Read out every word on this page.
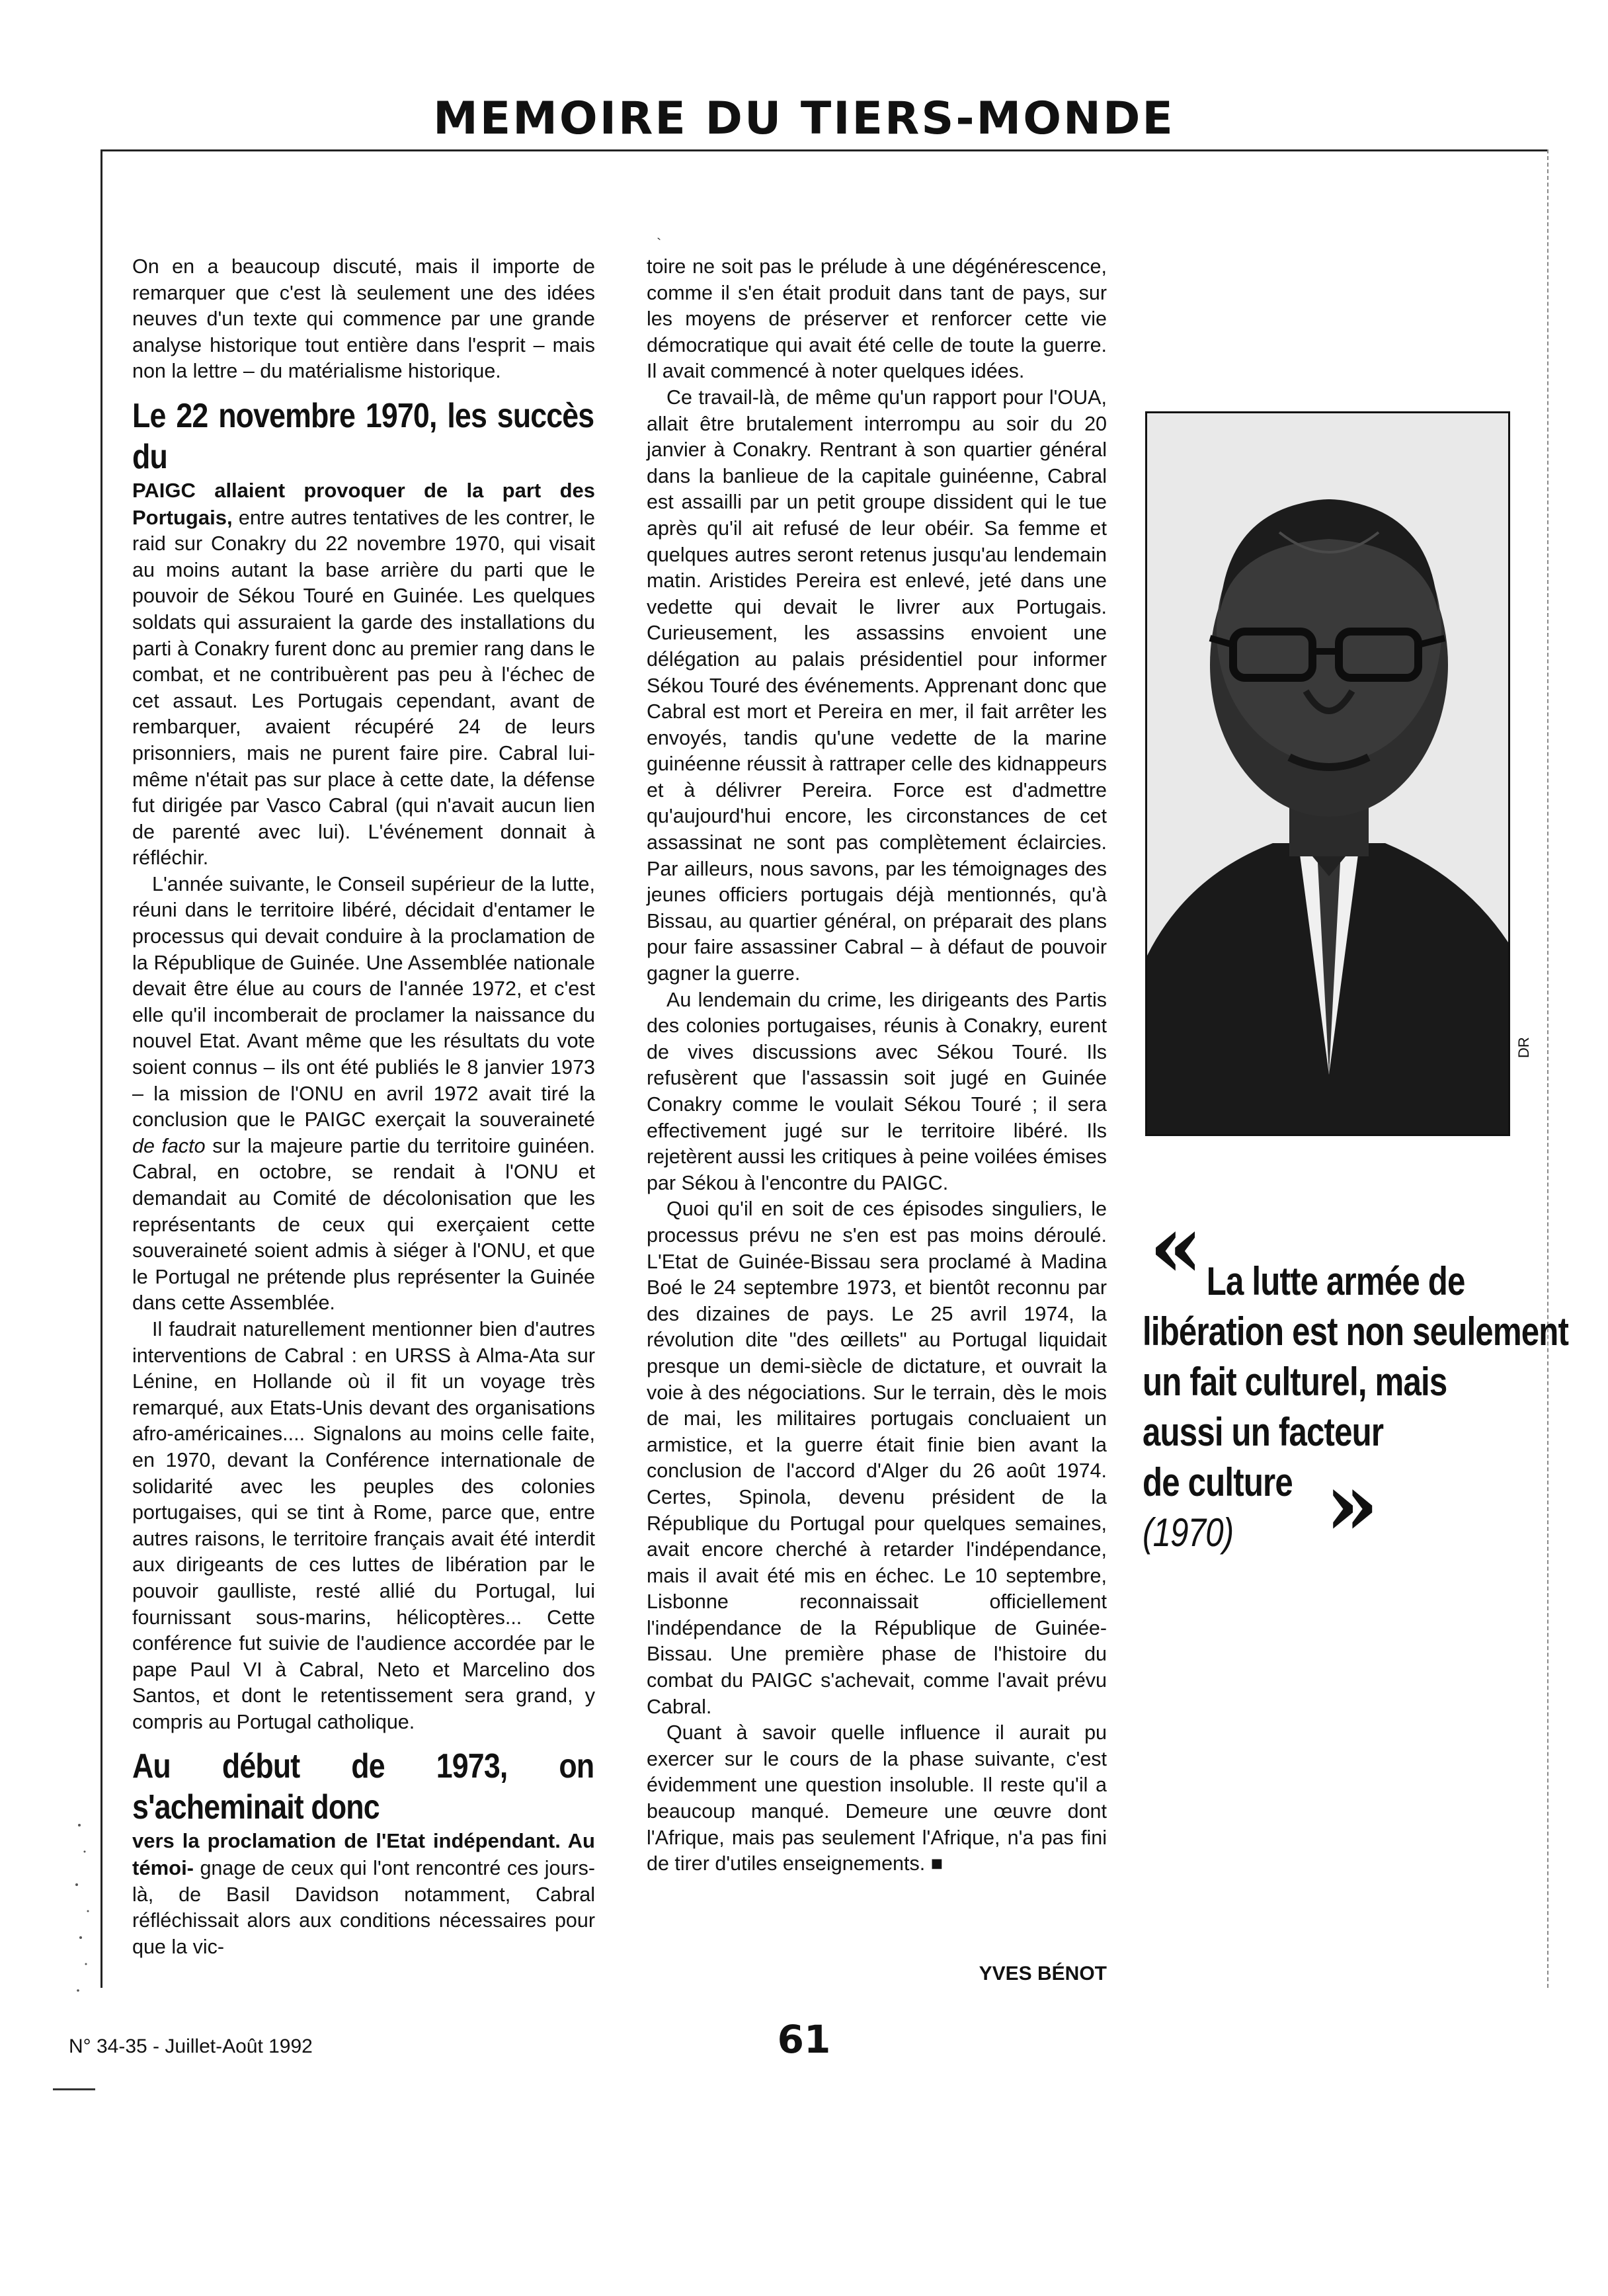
MEMOIRE DU TIERS-MONDE

On en a beaucoup discuté, mais il importe de remarquer que c'est là seulement une des idées neuves d'un texte qui commence par une grande analyse historique tout entière dans l'esprit – mais non la lettre – du matérialisme historique.

Le 22 novembre 1970, les succès du

PAIGC allaient provoquer de la part des Portugais, entre autres tentatives de les contrer, le raid sur Conakry du 22 novembre 1970, qui visait au moins autant la base arrière du parti que le pouvoir de Sékou Touré en Guinée. Les quelques soldats qui assuraient la garde des installations du parti à Conakry furent donc au premier rang dans le combat, et ne contribuèrent pas peu à l'échec de cet assaut. Les Portugais cependant, avant de rembarquer, avaient récupéré 24 de leurs prisonniers, mais ne purent faire pire. Cabral lui-même n'était pas sur place à cette date, la défense fut dirigée par Vasco Cabral (qui n'avait aucun lien de parenté avec lui). L'événement donnait à réfléchir.

L'année suivante, le Conseil supérieur de la lutte, réuni dans le territoire libéré, décidait d'entamer le processus qui devait conduire à la proclamation de la République de Guinée. Une Assemblée nationale devait être élue au cours de l'année 1972, et c'est elle qu'il incomberait de proclamer la naissance du nouvel Etat. Avant même que les résultats du vote soient connus – ils ont été publiés le 8 janvier 1973 – la mission de l'ONU en avril 1972 avait tiré la conclusion que le PAIGC exerçait la souveraineté de facto sur la majeure partie du territoire guinéen. Cabral, en octobre, se rendait à l'ONU et demandait au Comité de décolonisation que les représentants de ceux qui exerçaient cette souveraineté soient admis à siéger à l'ONU, et que le Portugal ne prétende plus représenter la Guinée dans cette Assemblée.

Il faudrait naturellement mentionner bien d'autres interventions de Cabral : en URSS à Alma-Ata sur Lénine, en Hollande où il fit un voyage très remarqué, aux Etats-Unis devant des organisations afro-américaines.... Signalons au moins celle faite, en 1970, devant la Conférence internationale de solidarité avec les peuples des colonies portugaises, qui se tint à Rome, parce que, entre autres raisons, le territoire français avait été interdit aux dirigeants de ces luttes de libération par le pouvoir gaulliste, resté allié du Portugal, lui fournissant sous-marins, hélicoptères... Cette conférence fut suivie de l'audience accordée par le pape Paul VI à Cabral, Neto et Marcelino dos Santos, et dont le retentissement sera grand, y compris au Portugal catholique.

Au début de 1973, on s'acheminait donc

vers la proclamation de l'Etat indépendant. Au témoi- gnage de ceux qui l'ont rencontré ces jours-là, de Basil Davidson notamment, Cabral réfléchissait alors aux conditions nécessaires pour que la vic-

`

toire ne soit pas le prélude à une dégénérescence, comme il s'en était produit dans tant de pays, sur les moyens de préserver et renforcer cette vie démocratique qui avait été celle de toute la guerre. Il avait commencé à noter quelques idées.

Ce travail-là, de même qu'un rapport pour l'OUA, allait être brutalement interrompu au soir du 20 janvier à Conakry. Rentrant à son quartier général dans la banlieue de la capitale guinéenne, Cabral est assailli par un petit groupe dissident qui le tue après qu'il ait refusé de leur obéir. Sa femme et quelques autres seront retenus jusqu'au lendemain matin. Aristides Pereira est enlevé, jeté dans une vedette qui devait le livrer aux Portugais. Curieusement, les assassins envoient une délégation au palais présidentiel pour informer Sékou Touré des événements. Apprenant donc que Cabral est mort et Pereira en mer, il fait arrêter les envoyés, tandis qu'une vedette de la marine guinéenne réussit à rattraper celle des kidnappeurs et à délivrer Pereira. Force est d'admettre qu'aujourd'hui encore, les circonstances de cet assassinat ne sont pas complètement éclaircies. Par ailleurs, nous savons, par les témoignages des jeunes officiers portugais déjà mentionnés, qu'à Bissau, au quartier général, on préparait des plans pour faire assassiner Cabral – à défaut de pouvoir gagner la guerre.

Au lendemain du crime, les dirigeants des Partis des colonies portugaises, réunis à Conakry, eurent de vives discussions avec Sékou Touré. Ils refusèrent que l'assassin soit jugé en Guinée Conakry comme le voulait Sékou Touré ; il sera effectivement jugé sur le territoire libéré. Ils rejetèrent aussi les critiques à peine voilées émises par Sékou à l'encontre du PAIGC.

Quoi qu'il en soit de ces épisodes singuliers, le processus prévu ne s'en est pas moins déroulé. L'Etat de Guinée-Bissau sera proclamé à Madina Boé le 24 septembre 1973, et bientôt reconnu par des dizaines de pays. Le 25 avril 1974, la révolution dite "des œillets" au Portugal liquidait presque un demi-siècle de dictature, et ouvrait la voie à des négociations. Sur le terrain, dès le mois de mai, les militaires portugais concluaient un armistice, et la guerre était finie bien avant la conclusion de l'accord d'Alger du 26 août 1974. Certes, Spinola, devenu président de la République du Portugal pour quelques semaines, avait encore cherché à retarder l'indépendance, mais il avait été mis en échec. Le 10 septembre, Lisbonne reconnaissait officiellement l'indépendance de la République de Guinée-Bissau. Une première phase de l'histoire du combat du PAIGC s'achevait, comme l'avait prévu Cabral.

Quant à savoir quelle influence il aurait pu exercer sur le cours de la phase suivante, c'est évidemment une question insoluble. Il reste qu'il a beaucoup manqué. Demeure une œuvre dont l'Afrique, mais pas seulement l'Afrique, n'a pas fini de tirer d'utiles enseignements. ■

YVES BÉNOT
DR
« La lutte armée de
libération est non seulement
un fait culturel, mais
aussi un facteur
de culture
(1970)	»
N° 34-35 - Juillet-Août 1992	61
